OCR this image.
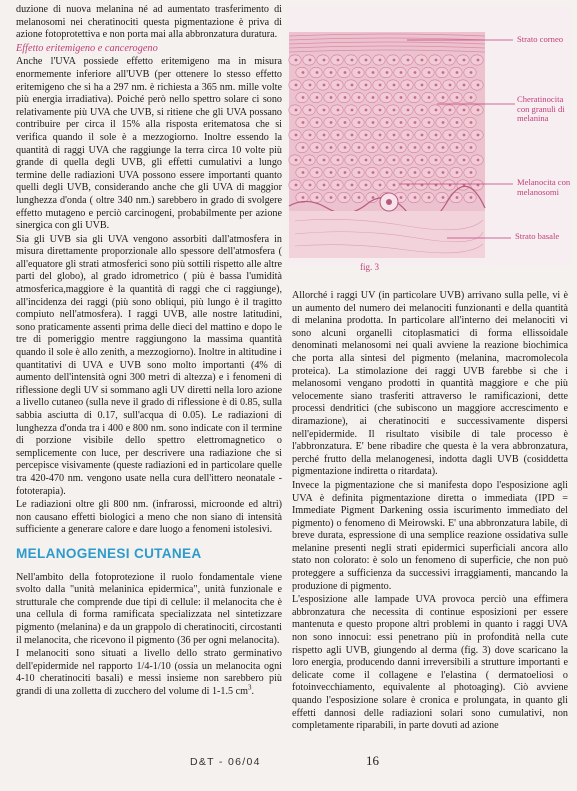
duzione di nuova melanina né ad aumentato trasferimento di melanosomi nei cheratinociti questa pigmentazione è priva di azione fotoprotettiva e non porta mai alla abbronzatura duratura.

Effetto eritemigeno e cancerogeno

Anche l'UVA possiede effetto eritemigeno ma in misura enormemente inferiore all'UVB (per ottenere lo stesso effetto eritemigeno che si ha a 297 nm. è richiesta a 365 nm. mille volte più energia irradiativa). Poiché però nello spettro solare ci sono relativamente più UVA che UVB, si ritiene che gli UVA possano contribuire per circa il 15% alla risposta eritematosa che si verifica quando il sole è a mezzogiorno. Inoltre essendo la quantità di raggi UVA che raggiunge la terra circa 10 volte più grande di quella degli UVB, gli effetti cumulativi a lungo termine delle radiazioni UVA possono essere importanti quanto quelli degli UVB, considerando anche che gli UVA di maggior lunghezza d'onda ( oltre 340 nm.) sarebbero in grado di svolgere effetto mutageno e perciò carcinogeni, probabilmente per azione sinergica con gli UVB.

Sia gli UVB sia gli UVA vengono assorbiti dall'atmosfera in misura direttamente proporzionale allo spessore dell'atmosfera ( all'equatore gli strati atmosferici sono più sottili rispetto alle altre parti del globo), al grado idrometrico ( più è bassa l'umidità atmosferica,maggiore è la quantità di raggi che ci raggiunge), all'incidenza dei raggi (più sono obliqui, più lungo è il tragitto compiuto nell'atmosfera). I raggi UVB, alle nostre latitudini, sono praticamente assenti prima delle dieci del mattino e dopo le tre di pomeriggio mentre raggiungono la massima quantità quando il sole è allo zenith, a mezzogiorno). Inoltre in altitudine i quantitativi di UVA e UVB sono molto importanti (4% di aumento dell'intensità ogni 300 metri di altezza) e i fenomeni di riflessione degli UV si sommano agli UV diretti nella loro azione a livello cutaneo (sulla neve il grado di riflessione è di 0.85, sulla sabbia asciutta di 0.17, sull'acqua di 0.05). Le radiazioni di lunghezza d'onda tra i 400 e 800 nm. sono indicate con il termine di porzione visibile dello spettro elettromagnetico o semplicemente con luce, per descrivere una radiazione che si percepisce visivamente (queste radiazioni ed in particolare quelle tra 420-470 nm. vengono usate nella cura dell'ittero neonatale - fototerapia).

Le radiazioni oltre gli 800 nm. (infrarossi, microonde ed altri) non causano effetti biologici a meno che non siano di intensità sufficiente a generare calore e dare luogo a fenomeni istolesivi.

MELANOGENESI CUTANEA

Nell'ambito della fotoprotezione il ruolo fondamentale viene svolto dalla "unità melaninica epidermica", unità funzionale e strutturale che comprende due tipi di cellule: il melanocita che è una cellula di forma ramificata specializzata nel sintetizzare pigmento (melanina) e da un grappolo di cheratinociti, circostanti il melanocita, che ricevono il pigmento (36 per ogni melanocita).

I melanociti sono situati a livello dello strato germinativo dell'epidermide nel rapporto 1/4-1/10 (ossia un melanocita ogni 4-10 cheratinociti basali) e messi insieme non sarebbero più grandi di una zolletta di zucchero del volume di 1-1.5 $cm^3$.

Strato corneo
Cheratinocita con granuli di melanina
Melanocita con melanosomi
Strato basale
fig. 3

Allorché i raggi UV (in particolare UVB) arrivano sulla pelle, vi è un aumento del numero dei melanociti funzionanti e della quantità di melanina prodotta. In particolare all'interno dei melanociti vi sono alcuni organelli citoplasmatici di forma ellissoidale denominati melanosomi nei quali avviene la reazione biochimica che porta alla sintesi del pigmento (melanina, macromolecola proteica). La stimolazione dei raggi UVB farebbe sì che i melanosomi vengano prodotti in quantità maggiore e che più velocemente siano trasferiti attraverso le ramificazioni, dette processi dendritici (che subiscono un maggiore accrescimento e diramazione), ai cheratinociti e successivamente dispersi nell'epidermide. Il risultato visibile di tale processo è l'abbronzatura. E' bene ribadire che questa è la vera abbronzatura, perché frutto della melanogenesi, indotta dagli UVB (cosiddetta pigmentazione indiretta o ritardata).

Invece la pigmentazione che si manifesta dopo l'esposizione agli UVA è definita pigmentazione diretta o immediata (IPD = Immediate Pigment Darkening ossia iscurimento immediato del pigmento) o fenomeno di Meirowski. E' una abbronzatura labile, di breve durata, espressione di una semplice reazione ossidativa sulle melanine presenti negli strati epidermici superficiali ancora allo stato non colorato: è solo un fenomeno di superficie, che non può proteggere a sufficienza da successivi irraggiamenti, mancando la produzione di pigmento.

L'esposizione alle lampade UVA provoca perciò una effimera abbronzatura che necessita di continue esposizioni per essere mantenuta e questo propone altri problemi in quanto i raggi UVA non sono innocui: essi penetrano più in profondità nella cute rispetto agli UVB, giungendo al derma (fig. 3) dove scaricano la loro energia, producendo danni irreversibili a strutture importanti e delicate come il collagene e l'elastina ( dermatoeliosi o fotoinvecchiamento, equivalente al photoaging). Ciò avviene quando l'esposizione solare è cronica e prolungata, in quanto gli effetti dannosi delle radiazioni solari sono cumulativi, non completamente riparabili, in parte dovuti ad azione

D&T - 06/04	16
